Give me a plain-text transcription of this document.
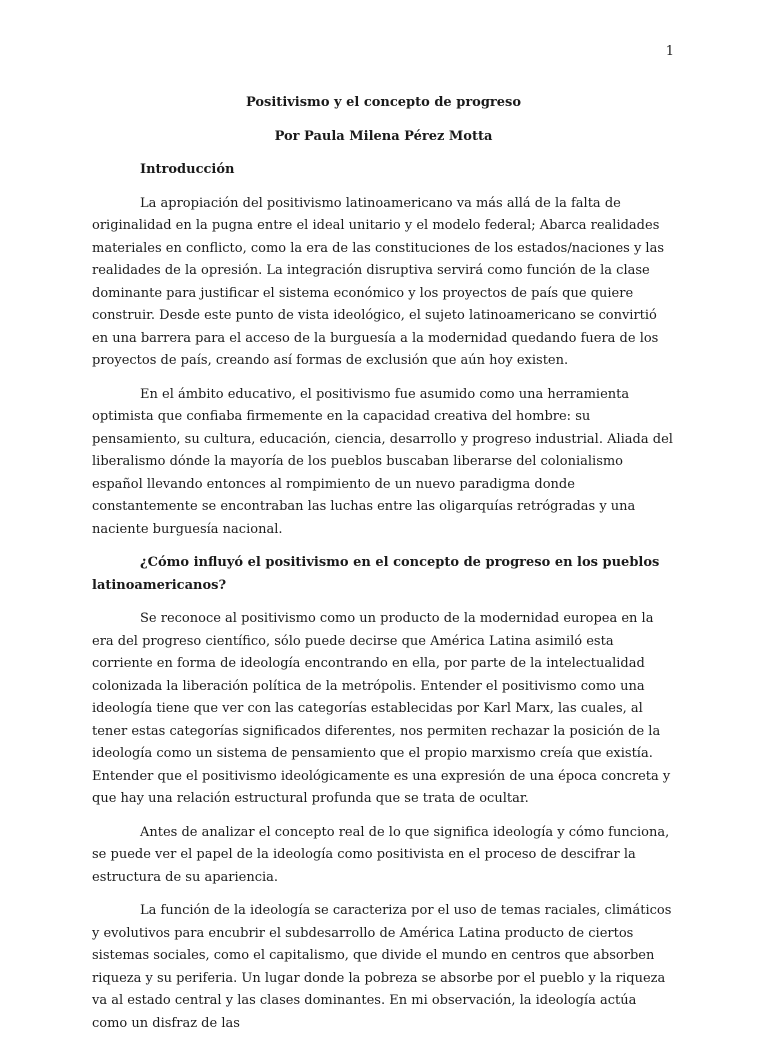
1

Positivismo y el concepto de progreso

Por Paula Milena Pérez Motta

Introducción

La apropiación del positivismo latinoamericano va más allá de la falta de originalidad en la pugna entre el ideal unitario y el modelo federal; Abarca realidades materiales en conflicto, como la era de las constituciones de los estados/naciones y las realidades de la opresión. La integración disruptiva servirá como función de la clase dominante para justificar el sistema económico y los proyectos de país que quiere construir. Desde este punto de vista ideológico, el sujeto latinoamericano se convirtió en una barrera para el acceso de la burguesía a la modernidad quedando fuera de los proyectos de país, creando así formas de exclusión que aún hoy existen.

En el ámbito educativo, el positivismo fue asumido como una herramienta optimista que confiaba firmemente en la capacidad creativa del hombre: su pensamiento, su cultura, educación, ciencia, desarrollo y progreso industrial. Aliada del liberalismo dónde la mayoría de los pueblos buscaban liberarse del colonialismo español llevando entonces al rompimiento de un nuevo paradigma donde constantemente se encontraban las luchas entre las oligarquías retrógradas y una naciente burguesía nacional.

¿Cómo influyó el positivismo en el concepto de progreso en los pueblos latinoamericanos?

Se reconoce al positivismo como un producto de la modernidad europea en la era del progreso científico, sólo puede decirse que América Latina asimiló esta corriente en forma de ideología encontrando en ella, por parte de la intelectualidad colonizada la liberación política de la metrópolis. Entender el positivismo como una ideología tiene que ver con las categorías establecidas por Karl Marx, las cuales, al tener estas categorías significados diferentes, nos permiten rechazar la posición de la ideología como un sistema de pensamiento que el propio marxismo creía que existía. Entender que el positivismo ideológicamente es una expresión de una época concreta y que hay una relación estructural profunda que se trata de ocultar.

Antes de analizar el concepto real de lo que significa ideología y cómo funciona, se puede ver el papel de la ideología como positivista en el proceso de descifrar la estructura de su apariencia.

La función de la ideología se caracteriza por el uso de temas raciales, climáticos y evolutivos para encubrir el subdesarrollo de América Latina producto de ciertos sistemas sociales, como el capitalismo, que divide el mundo en centros que absorben riqueza y su periferia. Un lugar donde la pobreza se absorbe por el pueblo y la riqueza va al estado central y las clases dominantes. En mi observación, la ideología actúa como un disfraz de las
